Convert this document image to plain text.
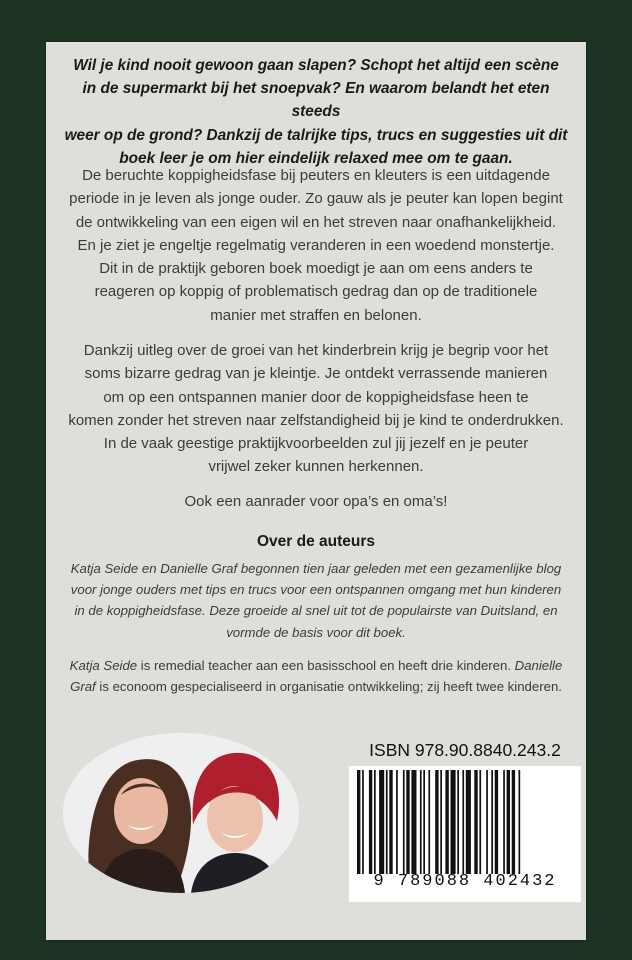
Wil je kind nooit gewoon gaan slapen? Schopt het altijd een scène
in de supermarkt bij het snoepvak? En waarom belandt het eten steeds
weer op de grond? Dankzij de talrijke tips, trucs en suggesties uit dit
boek leer je om hier eindelijk relaxed mee om te gaan.
De beruchte koppigheidsfase bij peuters en kleuters is een uitdagende
periode in je leven als jonge ouder. Zo gauw als je peuter kan lopen begint
de ontwikkeling van een eigen wil en het streven naar onafhankelijkheid.
En je ziet je engeltje regelmatig veranderen in een woedend monstertje.
Dit in de praktijk geboren boek moedigt je aan om eens anders te
reageren op koppig of problematisch gedrag dan op de traditionele
manier met straffen en belonen.
Dankzij uitleg over de groei van het kinderbrein krijg je begrip voor het
soms bizarre gedrag van je kleintje. Je ontdekt verrassende manieren
om op een ontspannen manier door de koppigheidsfase heen te
komen zonder het streven naar zelfstandigheid bij je kind te onderdrukken.
In de vaak geestige praktijkvoorbeelden zul jij jezelf en je peuter
vrijwel zeker kunnen herkennen.
Ook een aanrader voor opa’s en oma’s!
Over de auteurs
Katja Seide en Danielle Graf begonnen tien jaar geleden met een gezamenlijke blog
voor jonge ouders met tips en trucs voor een ontspannen omgang met hun kinderen
in de koppigheidsfase. Deze groeide al snel uit tot de populairste van Duitsland, en
vormde de basis voor dit boek.
Katja Seide is remedial teacher aan een basisschool en heeft drie kinderen. Danielle
Graf is econoom gespecialiseerd in organisatie ontwikkeling; zij heeft twee kinderen.
ISBN 978.90.8840.243.2
9 789088 402432
